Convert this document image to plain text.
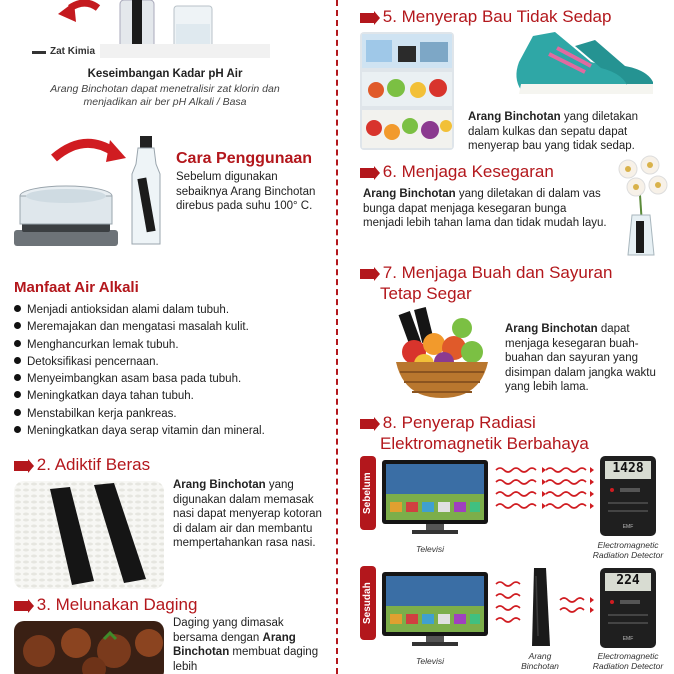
Zat Kimia
Keseimbangan Kadar pH Air
Arang Binchotan dapat menetralisir zat klorin dan menjadikan air ber pH Alkali / Basa
Cara Penggunaan
Sebelum digunakan sebaiknya Arang Binchotan direbus pada suhu 100° C.
Manfaat Air Alkali
Menjadi antioksidan alami dalam tubuh.
Meremajakan dan mengatasi masalah kulit.
Menghancurkan lemak tubuh.
Detoksifikasi pencernaan.
Menyeimbangkan asam basa pada tubuh.
Meningkatkan daya tahan tubuh.
Menstabilkan kerja pankreas.
Meningkatkan daya serap vitamin dan mineral.
2. Adiktif Beras
Arang Binchotan yang digunakan dalam memasak nasi dapat menyerap kotoran di dalam air dan membantu mempertahankan rasa nasi.
3. Melunakan Daging
Daging yang dimasak bersama dengan Arang Binchotan membuat daging lebih
5. Menyerap Bau Tidak Sedap
Arang Binchotan yang diletakan dalam kulkas dan sepatu dapat menyerap bau yang tidak sedap.
6. Menjaga Kesegaran
Arang Binchotan yang diletakan di dalam vas bunga dapat menjaga kesegaran bunga menjadi lebih tahan lama dan tidak mudah layu.
7. Menjaga Buah dan Sayuran
Tetap Segar
Arang Binchotan dapat menjaga kesegaran buah-buahan dan sayuran yang disimpan dalam jangka waktu yang lebih lama.
8. Penyerap Radiasi
Elektromagnetik Berbahaya
Sebelum
EMF
1428
Televisi	Electromagnetic Radiation Detector
Sesudah
EMF
224
Televisi	Arang Binchotan
Electromagnetic Radiation Detector
